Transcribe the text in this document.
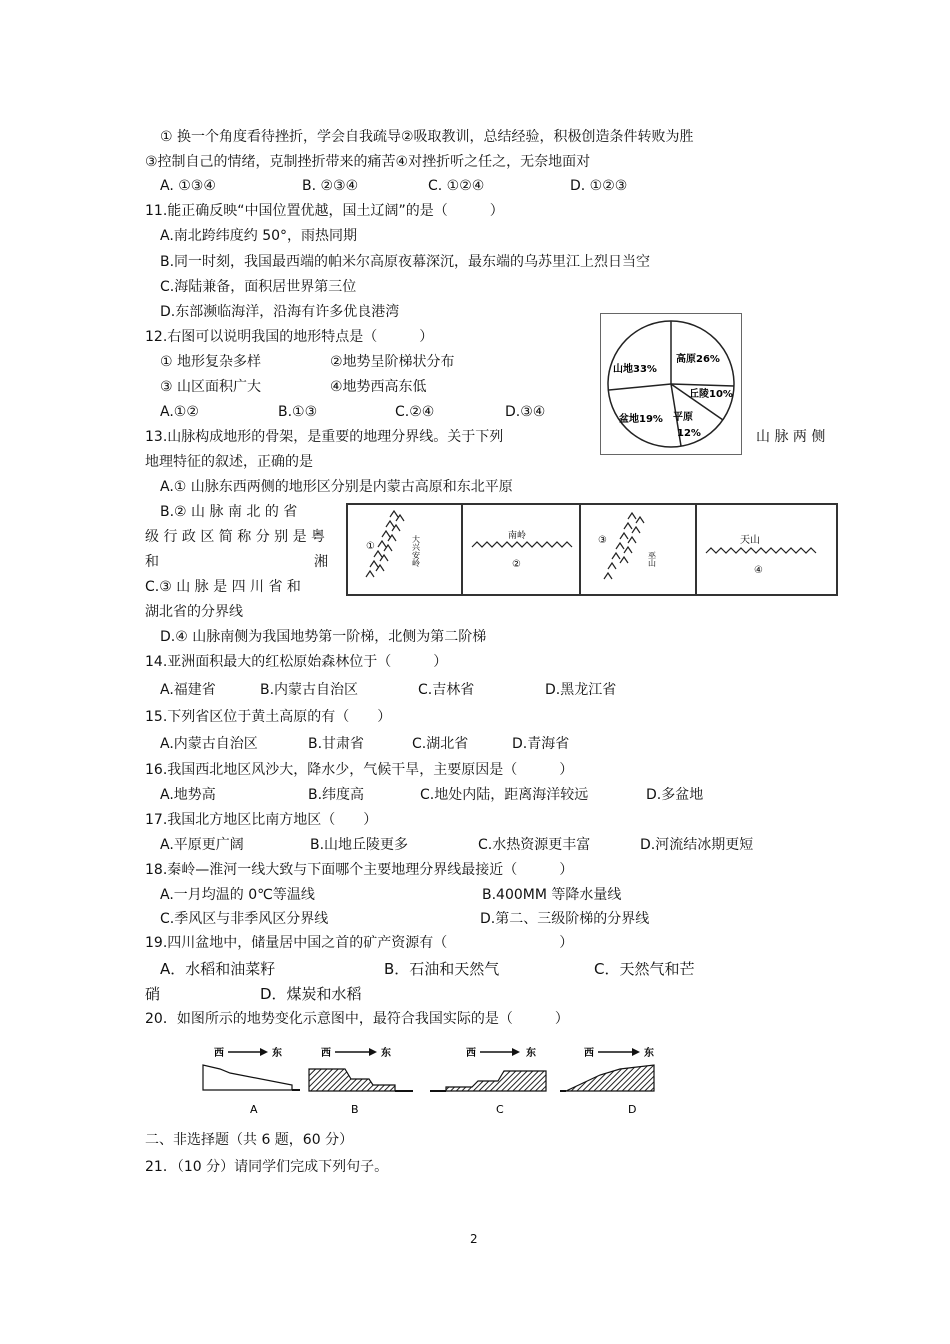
① 换一个角度看待挫折，学会自我疏导②吸取教训，总结经验，积极创造条件转败为胜
③控制自己的情绪，克制挫折带来的痛苦④对挫折听之任之，无奈地面对
A. ①③④	B. ②③④	C. ①②④	D. ①②③
11.能正确反映“中国位置优越，国土辽阔”的是（　　　）
A.南北跨纬度约 50°，雨热同期
B.同一时刻，我国最西端的帕米尔高原夜幕深沉，最东端的乌苏里江上烈日当空
C.海陆兼备，面积居世界第三位
D.东部濒临海洋，沿海有许多优良港湾
12.右图可以说明我国的地形特点是（　　　）
① 地形复杂多样	②地势呈阶梯状分布
③ 山区面积广大	④地势西高东低
A.①②	B.①③	C.②④	D.③④
山地33%
高原26%
丘陵10%
平原
12%
盆地19%
13.山脉构成地形的骨架，是重要的地理分界线。关于下列	山 脉 两 侧
地理特征的叙述，正确的是
A.① 山脉东西两侧的地形区分别是内蒙古高原和东北平原
B.② 山 脉 南 北 的 省
级 行 政 区 简 称 分 别 是 粤
和	湘
C.③ 山 脉 是 四 川 省 和
湖北省的分界线
D.④ 山脉南侧为我国地势第一阶梯，北侧为第二阶梯
①	大兴安岭	南岭
②
③
巫山
天山
④
14.亚洲面积最大的红松原始森林位于（　　　）
A.福建省	B.内蒙古自治区	C.吉林省	D.黑龙江省
15.下列省区位于黄土高原的有（　　）
A.内蒙古自治区	B.甘肃省	C.湖北省	D.青海省
16.我国西北地区风沙大，降水少，气候干旱，主要原因是（　　　）
A.地势高	B.纬度高	C.地处内陆，距离海洋较远	D.多盆地
17.我国北方地区比南方地区（　　）
A.平原更广阔	B.山地丘陵更多	C.水热资源更丰富	D.河流结冰期更短
18.秦岭—淮河一线大致与下面哪个主要地理分界线最接近（　　　）
A.一月均温的 0℃等温线	B.400MM 等降水量线
C.季风区与非季风区分界线	D.第二、三级阶梯的分界线
19.四川盆地中，储量居中国之首的矿产资源有（　　　　　　　　）
A．水稻和油菜籽	B．石油和天然气	C．天然气和芒
硝	D．煤炭和水稻
20．如图所示的地势变化示意图中，最符合我国实际的是（　　　）
西	东
A
西	东
B
西	东
C
西	东
D
二、非选择题（共 6 题，60 分）
21．（10 分）请同学们完成下列句子。
2
